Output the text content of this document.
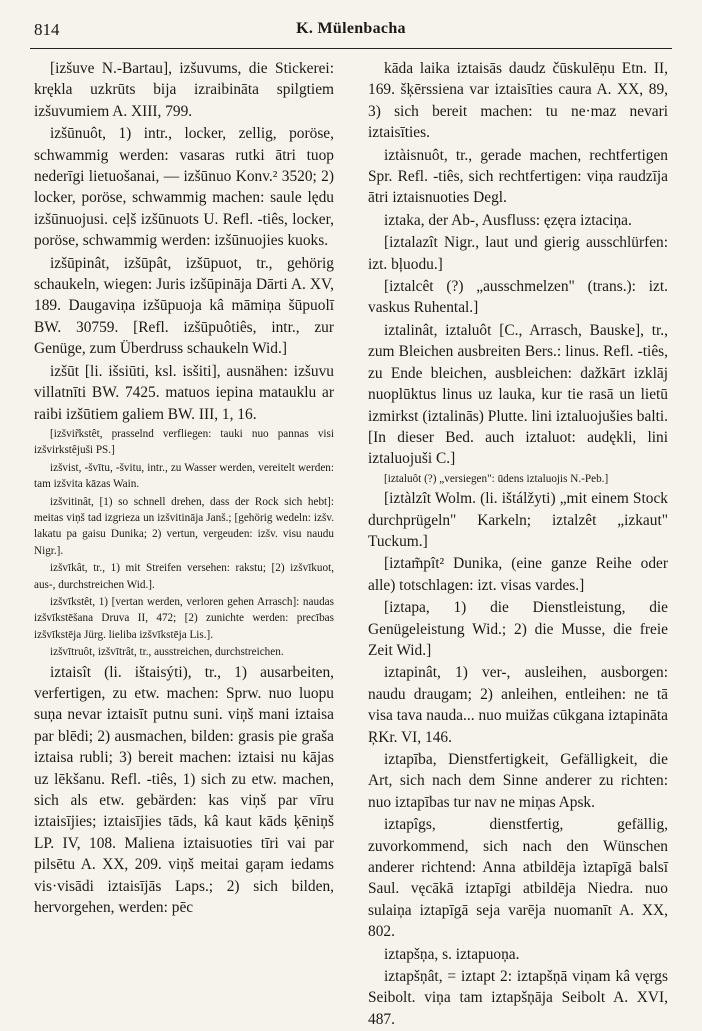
814	K. Mülenbacha

[izšuve N.-Bartau], izšuvums, die Stickerei: krękla uzkrūts bija izraibināta spilgtiem izšuvumiem A. XIII, 799.

izšūnuôt, 1) intr., locker, zellig, poröse, schwammig werden: vasaras rutki ātri tuop nederīgi lietuošanai, — izšūnuo Konv.² 3520; 2) locker, poröse, schwammig machen: saule lędu izšūnuojusi. ceļš izšūnuots U. Refl. -tiês, locker, poröse, schwammig werden: izšūnuojies kuoks.

izšūpinât, izšūpât, izšūpuot, tr., gehörig schaukeln, wiegen: Juris izšūpināja Dārti A. XV, 189. Daugaviņa izšūpuoja kâ māmiņa šūpuolī BW. 30759. [Refl. izšūpuôtiês, intr., zur Genüge, zum Überdruss schaukeln Wid.]

izšūt [li. išsiūti, ksl. isšiti], ausnähen: izšuvu villatnīti BW. 7425. matuos iepina matauklu ar raibi izšūtiem galiem BW. III, 1, 16.

[izšvir̃kstêt, prasselnd verfliegen: tauki nuo pannas visi izšvirkstêjuši PS.]

izšvist, -švītu, -švitu, intr., zu Wasser werden, vereitelt werden: tam izšvita kāzas Wain.

izšvitinât, [1) so schnell drehen, dass der Rock sich hebt]: meitas viņš tad izgrieza un izšvitināja Janš.; [gehörig wedeln: izšv. lakatu pa gaisu Dunika; 2) vertun, vergeuden: izšv. visu naudu Nigr.].

izšvīkât, tr., 1) mit Streifen versehen: rakstu; [2) izšvīkuot, aus-, durchstreichen Wid.].

izšvīkstêt, 1) [vertan werden, verloren gehen Arrasch]: naudas izšvīkstēšana Druva II, 472; [2) zunichte werden: precības izšvīkstēja Jürg. lieliba izšvīkstēja Lis.].

izšvītruôt, izšvītrât, tr., ausstreichen, durchstreichen.

iztaisît (li. ištaisýti), tr., 1) ausarbeiten, verfertigen, zu etw. machen: Sprw. nuo luopu suņa nevar iztaisīt putnu suni. viņš mani iztaisa par blēdi; 2) ausmachen, bilden: grasis pie graša iztaisa rubli; 3) bereit machen: iztaisi nu kājas uz lēkšanu. Refl. -tiês, 1) sich zu etw. machen, sich als etw. gebärden: kas viņš par vīru iztaisījies; iztaisījies tāds, kâ kaut kāds ķēniņš LP. IV, 108. Maliena iztaisuoties tīri vai par pilsētu A. XX, 209. viņš meitai gaŗam iedams vis·visādi iztaisījās Laps.; 2) sich bilden, hervorgehen, werden: pēc

kāda laika iztaisās daudz čūskulēņu Etn. II, 169. šķērssiena var iztaisīties caura A. XX, 89, 3) sich bereit machen: tu ne·maz nevari iztaisīties.

iztàisnuôt, tr., gerade machen, rechtfertigen Spr. Refl. -tiês, sich rechtfertigen: viņa raudzīja ātri iztaisnuoties Degl.

iztaka, der Ab-, Ausfluss: ęzęra iztaciņa.

[iztalazît Nigr., laut und gierig ausschlürfen: izt. bļuodu.]

[iztalcêt (?) „ausschmelzen" (trans.): izt. vaskus Ruhental.]

iztalinât, iztaluôt [C., Arrasch, Bauske], tr., zum Bleichen ausbreiten Bers.: linus. Refl. -tiês, zu Ende bleichen, ausbleichen: dažkārt izklāj nuoplūktus linus uz lauka, kur tie rasā un lietū izmirkst (iztalinās) Plutte. lini iztaluojušies balti. [In dieser Bed. auch iztaluot: audękli, lini iztaluojuši C.]

[iztaluôt (?) „versiegen": ūdens iztaluojis N.-Peb.]

[iztàlzît Wolm. (li. ištálžyti) „mit einem Stock durchprügeln" Karkeln; iztalzêt „izkaut" Tuckum.]

[iztam̃pît² Dunika, (eine ganze Reihe oder alle) totschlagen: izt. visas vardes.]

[iztapa, 1) die Dienstleistung, die Genügeleistung Wid.; 2) die Musse, die freie Zeit Wid.]

iztapinât, 1) ver-, ausleihen, ausborgen: naudu draugam; 2) anleihen, entleihen: ne tā visa tava nauda... nuo muižas cūkgana iztapināta ŖKr. VI, 146.

iztapība, Dienstfertigkeit, Gefälligkeit, die Art, sich nach dem Sinne anderer zu richten: nuo iztapības tur nav ne miņas Apsk.

iztapîgs, dienstfertig, gefällig, zuvorkommend, sich nach den Wünschen anderer richtend: Anna atbildēja ìztapīgā balsī Saul. vęcākā iztapīgi atbildēja Niedra. nuo sulaiņa iztapīgā seja varēja nuomanīt A. XX, 802.

iztapšņa, s. iztapuoņa.

iztapšņât, = iztapt 2: iztapšņā viņam kâ vęrgs Seibolt. viņa tam iztapšņāja Seibolt A. XVI, 487.
